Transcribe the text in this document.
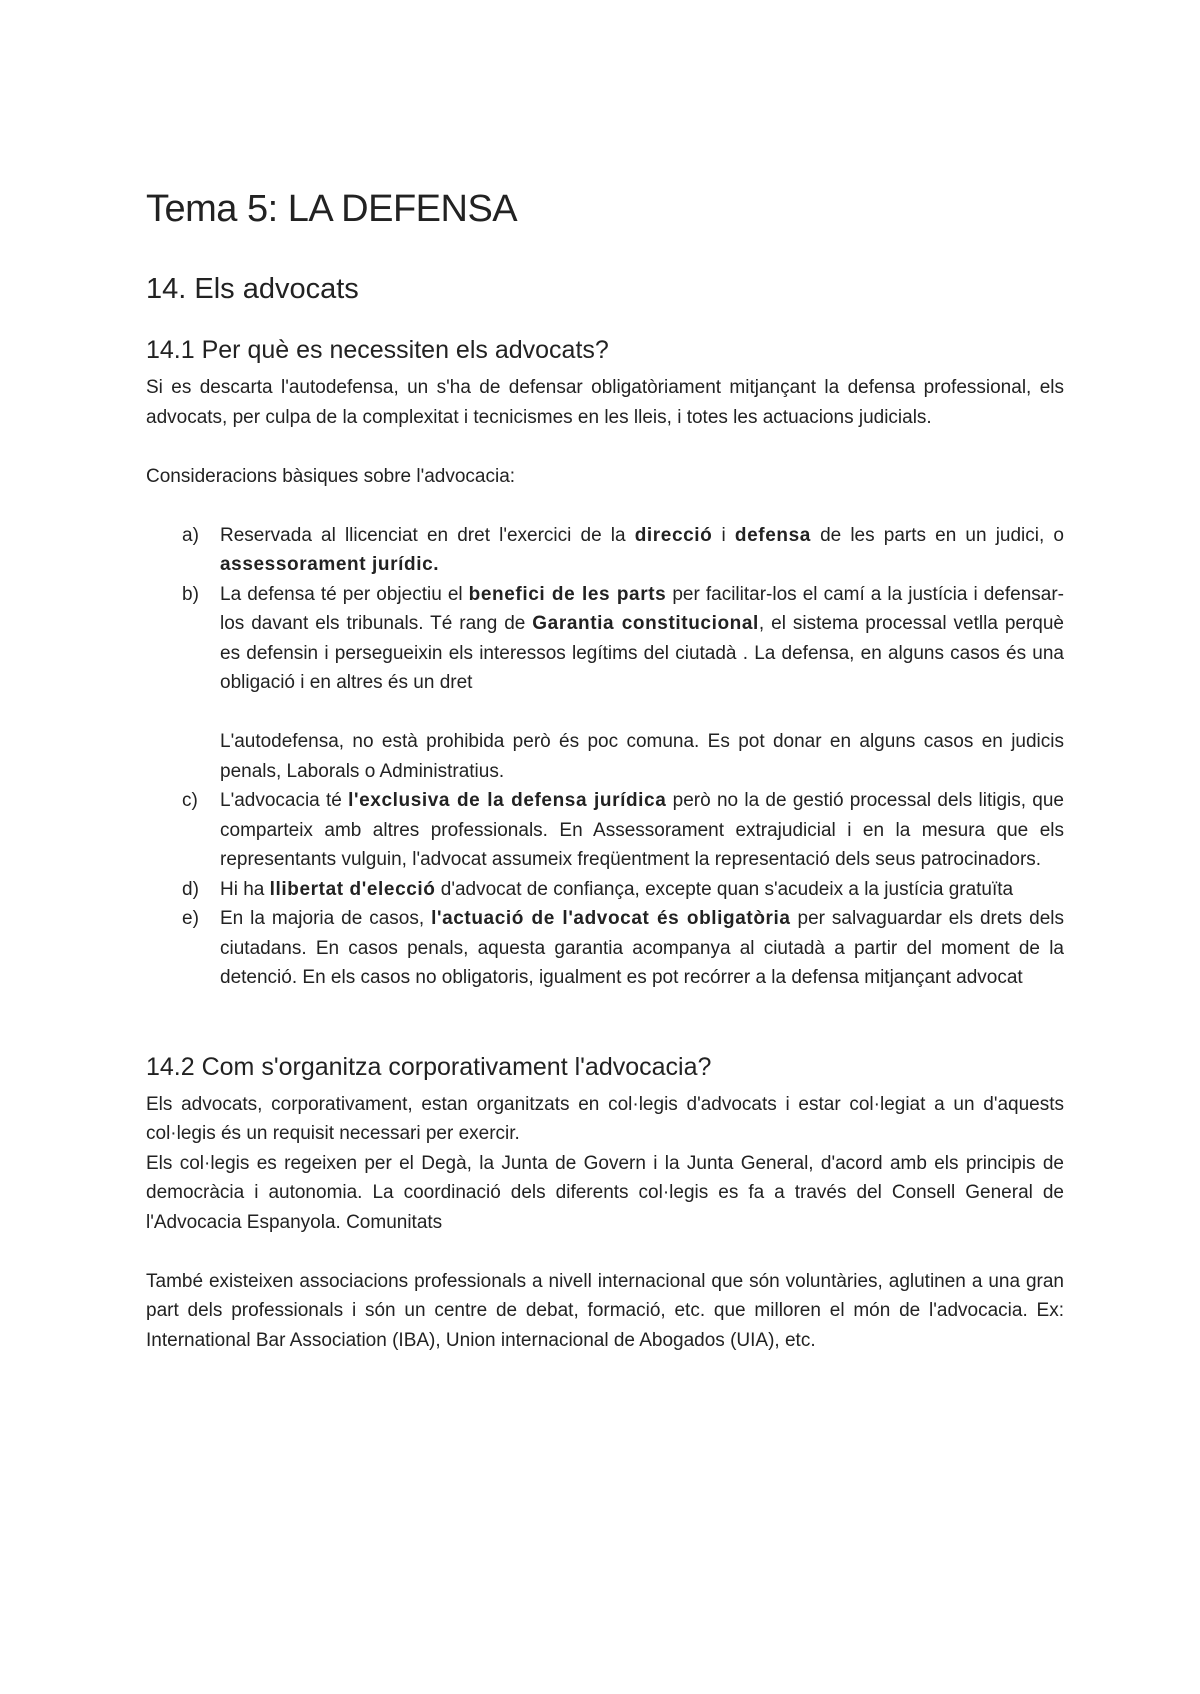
Tema 5: LA DEFENSA
14. Els advocats
14.1 Per què es necessiten els advocats?

Si es descarta l'autodefensa, un s'ha de defensar obligatòriament mitjançant la defensa professional, els advocats, per culpa de la complexitat i tecnicismes en les lleis, i totes les actuacions judicials.

Consideracions bàsiques sobre l'advocacia:

a) Reservada al llicenciat en dret l'exercici de la direcció i defensa de les parts en un judici, o assessorament jurídic.
b) La defensa té per objectiu el benefici de les parts per facilitar-los el camí a la justícia i defensar-los davant els tribunals. Té rang de Garantia constitucional, el sistema processal vetlla perquè es defensin i persegueixin els interessos legítims del ciutadà . La defensa, en alguns casos és una obligació i en altres és un dret
L'autodefensa, no està prohibida però és poc comuna. Es pot donar en alguns casos en judicis penals, Laborals o Administratius.
c) L'advocacia té l'exclusiva de la defensa jurídica però no la de gestió processal dels litigis, que comparteix amb altres professionals. En Assessorament extrajudicial i en la mesura que els representants vulguin, l'advocat assumeix freqüentment la representació dels seus patrocinadors.
d) Hi ha llibertat d'elecció d'advocat de confiança, excepte quan s'acudeix a la justícia gratuïta
e) En la majoria de casos, l'actuació de l'advocat és obligatòria per salvaguardar els drets dels ciutadans. En casos penals, aquesta garantia acompanya al ciutadà a partir del moment de la detenció. En els casos no obligatoris, igualment es pot recórrer a la defensa mitjançant advocat
14.2 Com s'organitza corporativament l'advocacia?

Els advocats, corporativament, estan organitzats en col·legis d'advocats i estar col·legiat a un d'aquests col·legis és un requisit necessari per exercir.

Els col·legis es regeixen per el Degà, la Junta de Govern i la Junta General, d'acord amb els principis de democràcia i autonomia. La coordinació dels diferents col·legis es fa a través del Consell General de l'Advocacia Espanyola. Comunitats

També existeixen associacions professionals a nivell internacional que són voluntàries, aglutinen a una gran part dels professionals i són un centre de debat, formació, etc. que milloren el món de l'advocacia. Ex: International Bar Association (IBA), Union internacional de Abogados (UIA), etc.
